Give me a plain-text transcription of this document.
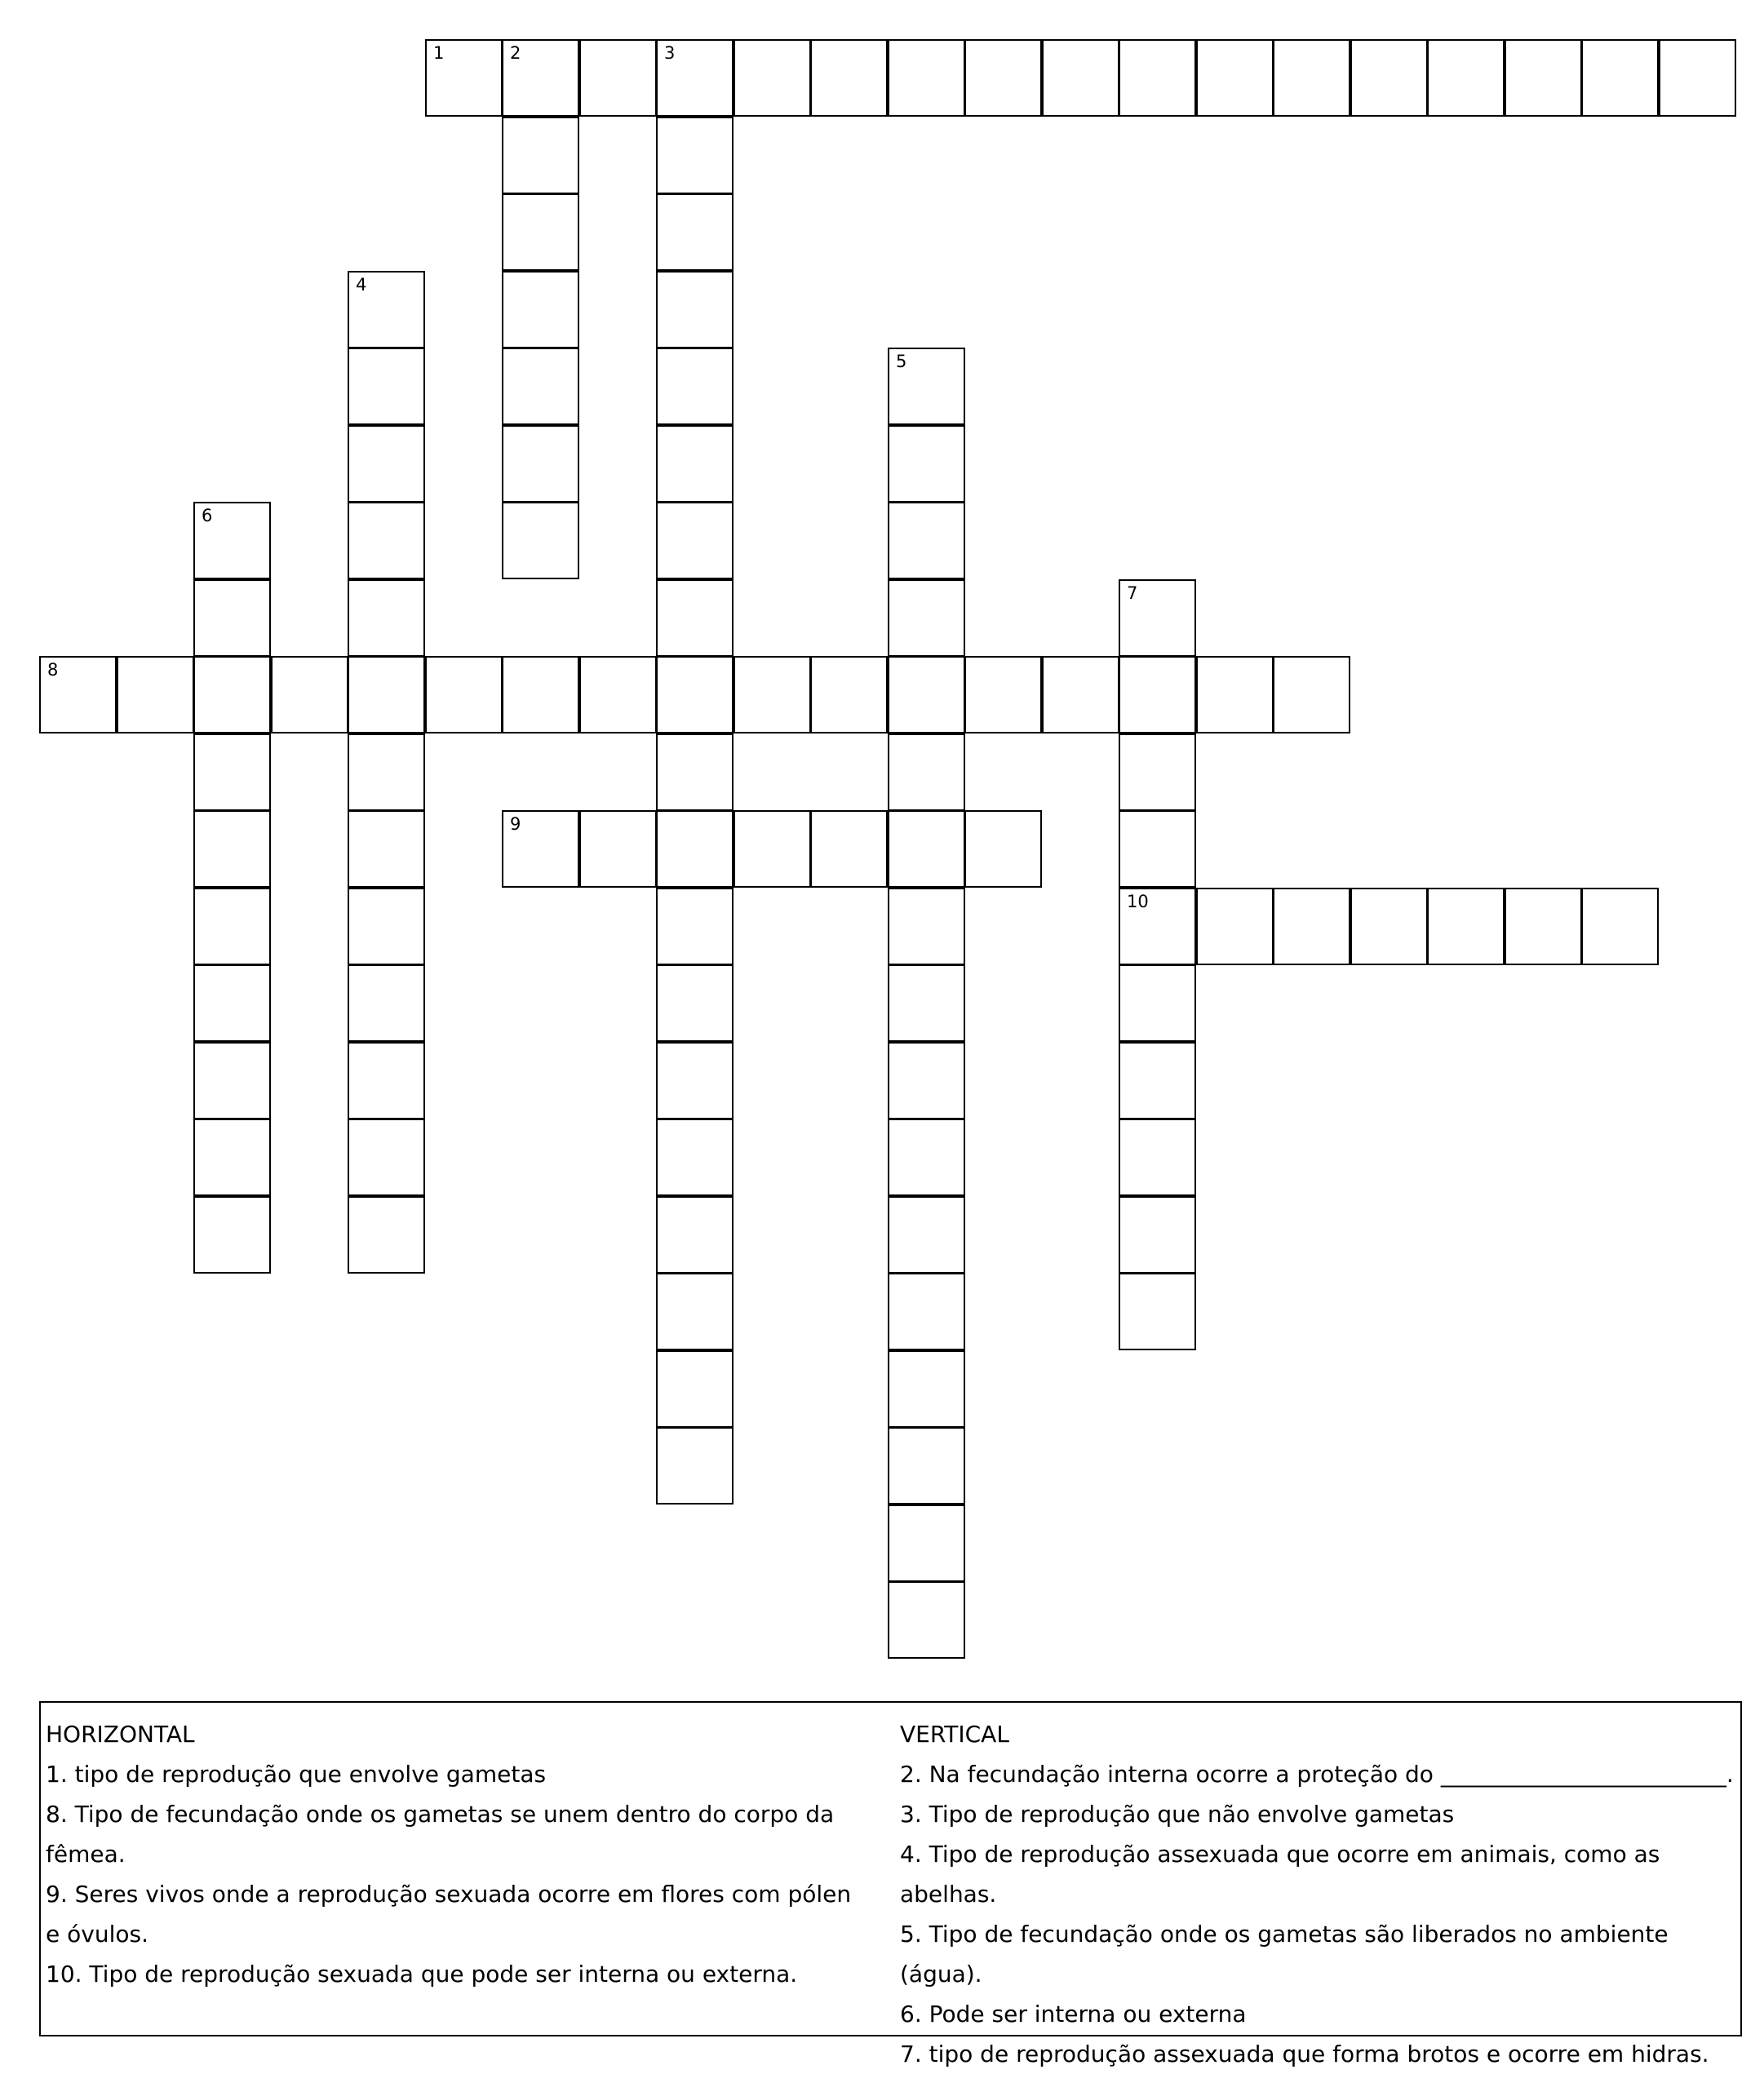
1	2	3
4
5
6
7
10
8
9

HORIZONTAL

1. tipo de reprodução que envolve gametas

8. Tipo de fecundação onde os gametas se unem dentro do corpo da fêmea.

9. Seres vivos onde a reprodução sexuada ocorre em flores com pólen e óvulos.

10. Tipo de reprodução sexuada que pode ser interna ou externa.

VERTICAL

2. Na fecundação interna ocorre a proteção do _________________________.

3. Tipo de reprodução que não envolve gametas

4. Tipo de reprodução assexuada que ocorre em animais, como as abelhas.

5. Tipo de fecundação onde os gametas são liberados no ambiente (água).

6. Pode ser interna ou externa

7. tipo de reprodução assexuada que forma brotos e ocorre em hidras.
